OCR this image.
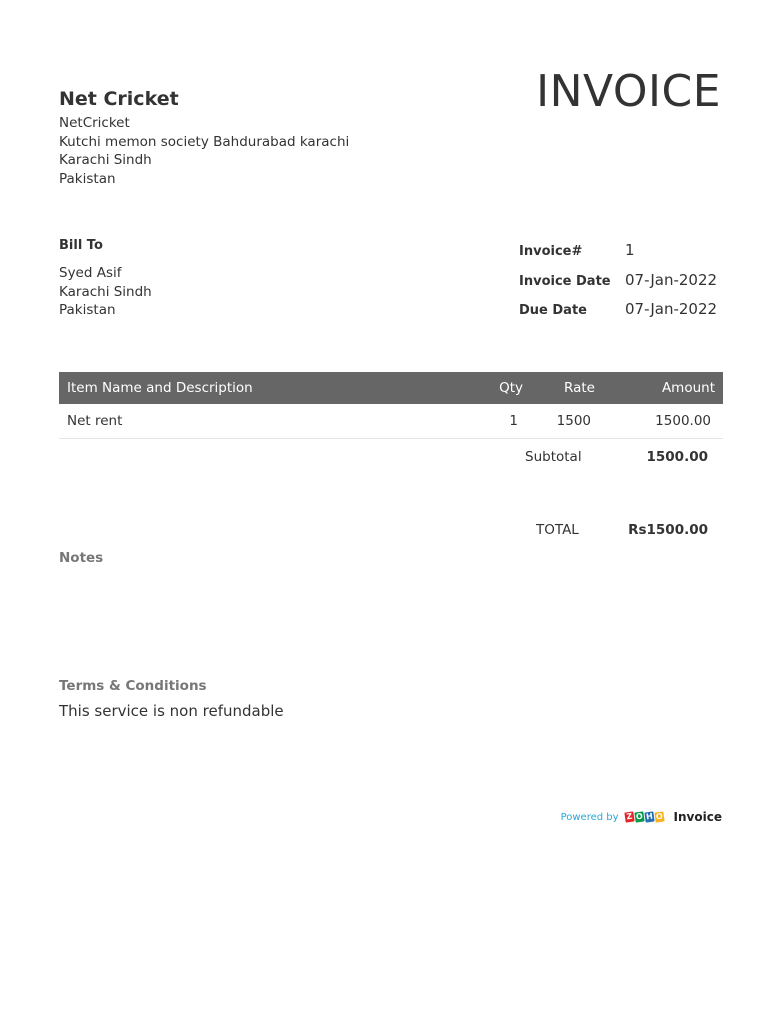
Net Cricket
NetCricket
Kutchi memon society Bahdurabad karachi
Karachi Sindh
Pakistan
INVOICE
Bill To
Syed Asif
Karachi Sindh
Pakistan
Invoice#	1
Invoice Date 07-Jan-2022
Due Date	07-Jan-2022
Item Name and Description	Qty	Rate	Amount
Net rent	1	1500	1500.00
Subtotal	1500.00
TOTAL	Rs1500.00
Notes
Terms & Conditions
This service is non refundable
Powered by Z O H O Invoice
